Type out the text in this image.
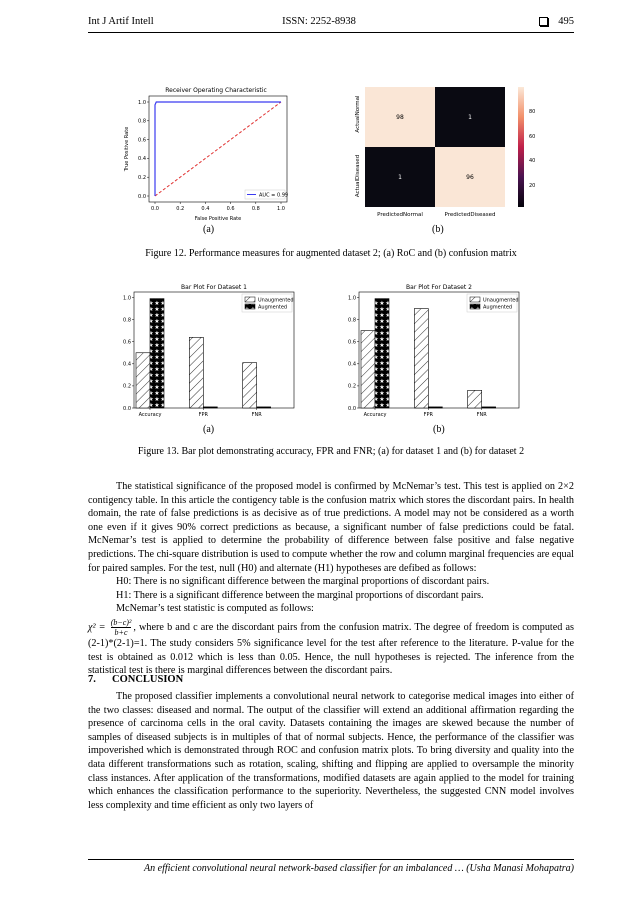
Int J Artif Intell	ISSN: 2252-8938	495
Receiver Operating Characteristic
0.0
0.0
0.2
0.2
0.4
0.4
0.6
0.6
0.8
0.8
1.0
1.0
AUC = 0.99
False Positive Rate
True Positive Rate
ActualNormal
ActualDiseased
98	1
1	96
PredictedNormal	PredictedDiseased
80
60
40
20
(a)	(b)
Figure 12. Performance measures for augmented dataset 2; (a) RoC and (b) confusion matrix
Bar Plot For Dataset 1
0.0
0.2
0.4
0.6
0.8
1.0
Accuracy	FPR	FNR
Unaugmented
Augmented
Bar Plot For Dataset 2
0.0
0.2
0.4
0.6
0.8
1.0
Accuracy	FPR	FNR
Unaugmented
Augmented
(a)	(b)
Figure 13. Bar plot demonstrating accuracy, FPR and FNR; (a) for dataset 1 and (b) for dataset 2

The statistical significance of the proposed model is confirmed by McNemar’s test. This test is applied on 2×2 contigency table. In this article the contigency table is the confusion matrix which stores the discordant pairs. In health domain, the rate of false predictions is as decisive as of true predictions. A model may not be considered as a worth one even if it gives 90% correct predictions as because, a significant number of false predictions could be fatal. McNemar’s test is applied to determine the probability of difference between false positive and false negative predictions. The chi-square distribution is used to compute whether the row and column marginal frequencies are equal for paired samples. For the test, null (H0) and alternate (H1) hypotheses are defibed as follows:

H0: There is no significant difference between the marginal proportions of discordant pairs.

H1: There is a significant difference between the marginal proportions of discordant pairs.

McNemar’s test statistic is computed as follows:

$\chi^2 = \frac{\text{(b−c)²}}{b+c}$ , where b and c are the discordant pairs from the confusion matrix. The degree of freedom is computed as (2-1)*(2-1)=1. The study considers 5% significance level for the test after reference to the literature. P-value for the test is obtained as 0.012 which is less than 0.05. Hence, the null hypotheses is rejected. The inference from the statistical test is there is marginal differences between the discordant pairs.

7. CONCLUSION

The proposed classifier implements a convolutional neural network to categorise medical images into either of the two classes: diseased and normal. The output of the classifier will extend an additional affirmation regarding the presence of carcinoma cells in the oral cavity. Datasets containing the images are skewed because the number of samples of diseased subjects is in multiples of that of normal subjects. Hence, the performance of the classifier was impoverished which is demonstrated through ROC and confusion matrix plots. To bring diversity and quality into the data different transformations such as rotation, scaling, shifting and flipping are applied to oversample the minority class instances. After application of the transformations, modified datasets are again applied to the model for training which enhances the classification performance to the superiority. Nevertheless, the suggested CNN model involves less complexity and time efficient as only two layers of

An efficient convolutional neural network-based classifier for an imbalanced … (Usha Manasi Mohapatra)
